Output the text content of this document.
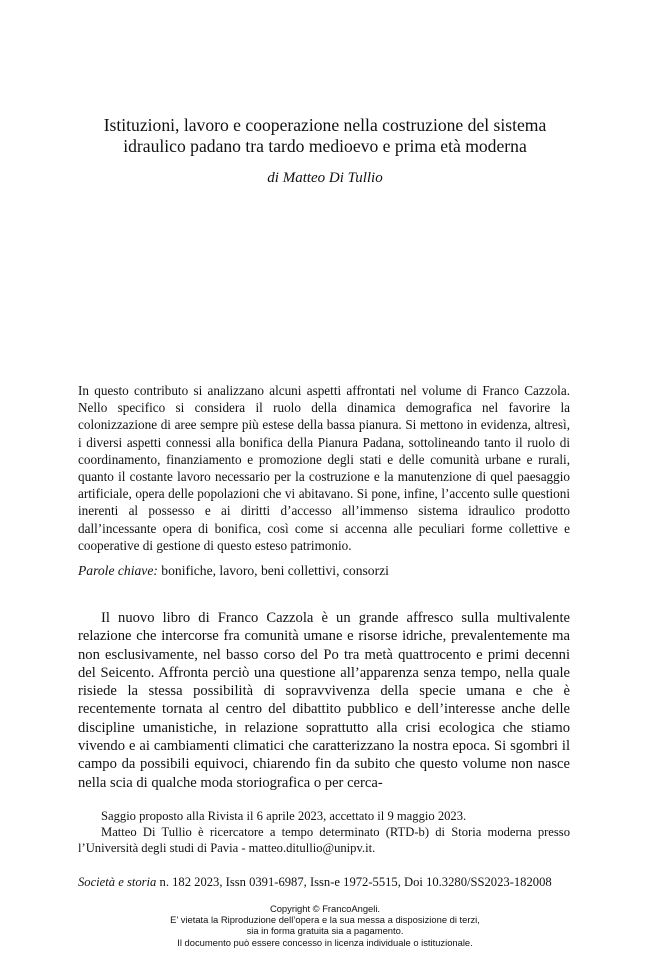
Istituzioni, lavoro e cooperazione nella costruzione del sistema
idraulico padano tra tardo medioevo e prima età moderna
di Matteo Di Tullio

In questo contributo si analizzano alcuni aspetti affrontati nel volume di Franco Cazzola. Nello specifico si considera il ruolo della dinamica demografica nel favorire la colonizzazione di aree sempre più estese della bassa pianura. Si mettono in evidenza, altresì, i diversi aspetti connessi alla bonifica della Pianura Padana, sottolineando tanto il ruolo di coordinamento, finanziamento e promozione degli stati e delle comunità urbane e rurali, quanto il costante lavoro necessario per la costruzione e la manutenzione di quel paesaggio artificiale, opera delle popolazioni che vi abitavano. Si pone, infine, l’accento sulle questioni inerenti al possesso e ai diritti d’accesso all’immenso sistema idraulico prodotto dall’incessante opera di bonifica, così come si accenna alle peculiari forme collettive e cooperative di gestione di questo esteso patrimonio.

Parole chiave: bonifiche, lavoro, beni collettivi, consorzi

Il nuovo libro di Franco Cazzola è un grande affresco sulla multivalente relazione che intercorse fra comunità umane e risorse idriche, prevalentemente ma non esclusivamente, nel basso corso del Po tra metà quattrocento e primi decenni del Seicento. Affronta perciò una questione all’apparenza senza tempo, nella quale risiede la stessa possibilità di sopravvivenza della specie umana e che è recentemente tornata al centro del dibattito pubblico e dell’interesse anche delle discipline umanistiche, in relazione soprattutto alla crisi ecologica che stiamo vivendo e ai cambiamenti climatici che caratterizzano la nostra epoca. Si sgombri il campo da possibili equivoci, chiarendo fin da subito che questo volume non nasce nella scia di qualche moda storiografica o per cerca-

Saggio proposto alla Rivista il 6 aprile 2023, accettato il 9 maggio 2023.

Matteo Di Tullio è ricercatore a tempo determinato (RTD-b) di Storia moderna presso l’Università degli studi di Pavia - matteo.ditullio@unipv.it.

Società e storia n. 182 2023, Issn 0391-6987, Issn-e 1972-5515, Doi 10.3280/SS2023-182008
Copyright © FrancoAngeli.
E’ vietata la Riproduzione dell’opera e la sua messa a disposizione di terzi,
sia in forma gratuita sia a pagamento.
Il documento può essere concesso in licenza individuale o istituzionale.
